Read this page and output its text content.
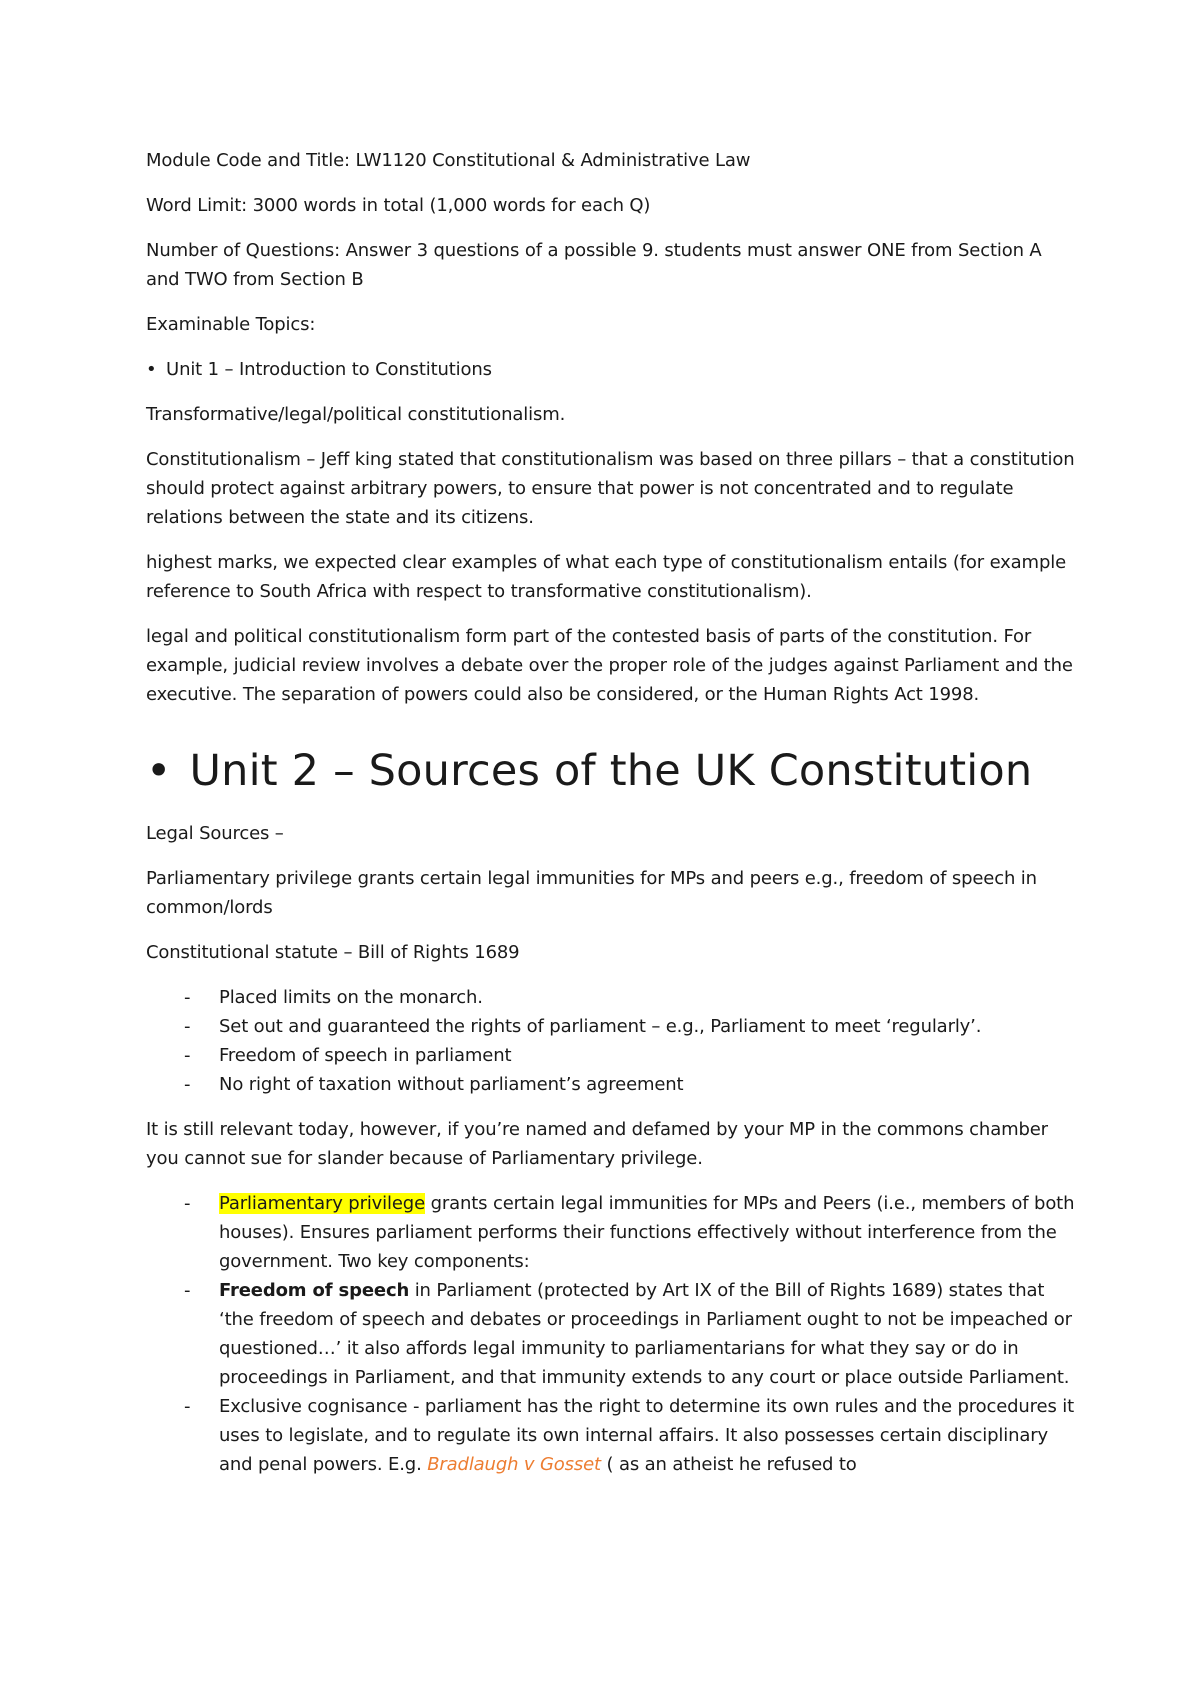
Module Code and Title: LW1120 Constitutional & Administrative Law

Word Limit: 3000 words in total (1,000 words for each Q)

Number of Questions: Answer 3 questions of a possible 9. students must answer ONE from Section A and TWO from Section B

Examinable Topics:

• Unit 1 – Introduction to Constitutions

Transformative/legal/political constitutionalism.

Constitutionalism – Jeff king stated that constitutionalism was based on three pillars – that a constitution should protect against arbitrary powers, to ensure that power is not concentrated and to regulate relations between the state and its citizens.

highest marks, we expected clear examples of what each type of constitutionalism entails (for example reference to South Africa with respect to transformative constitutionalism).

legal and political constitutionalism form part of the contested basis of parts of the constitution. For example, judicial review involves a debate over the proper role of the judges against Parliament and the executive. The separation of powers could also be considered, or the Human Rights Act 1998.

• Unit 2 – Sources of the UK Constitution

Legal Sources –

Parliamentary privilege grants certain legal immunities for MPs and peers e.g., freedom of speech in common/lords

Constitutional statute – Bill of Rights 1689

- Placed limits on the monarch.
- Set out and guaranteed the rights of parliament – e.g., Parliament to meet ‘regularly’.
- Freedom of speech in parliament
- No right of taxation without parliament’s agreement

It is still relevant today, however, if you’re named and defamed by your MP in the commons chamber you cannot sue for slander because of Parliamentary privilege.

- Parliamentary privilege grants certain legal immunities for MPs and Peers (i.e., members of both houses). Ensures parliament performs their functions effectively without interference from the government. Two key components:
- Freedom of speech in Parliament (protected by Art IX of the Bill of Rights 1689) states that ‘the freedom of speech and debates or proceedings in Parliament ought to not be impeached or questioned…’ it also affords legal immunity to parliamentarians for what they say or do in proceedings in Parliament, and that immunity extends to any court or place outside Parliament.
- Exclusive cognisance - parliament has the right to determine its own rules and the procedures it uses to legislate, and to regulate its own internal affairs. It also possesses certain disciplinary and penal powers. E.g. Bradlaugh v Gosset ( as an atheist he refused to
